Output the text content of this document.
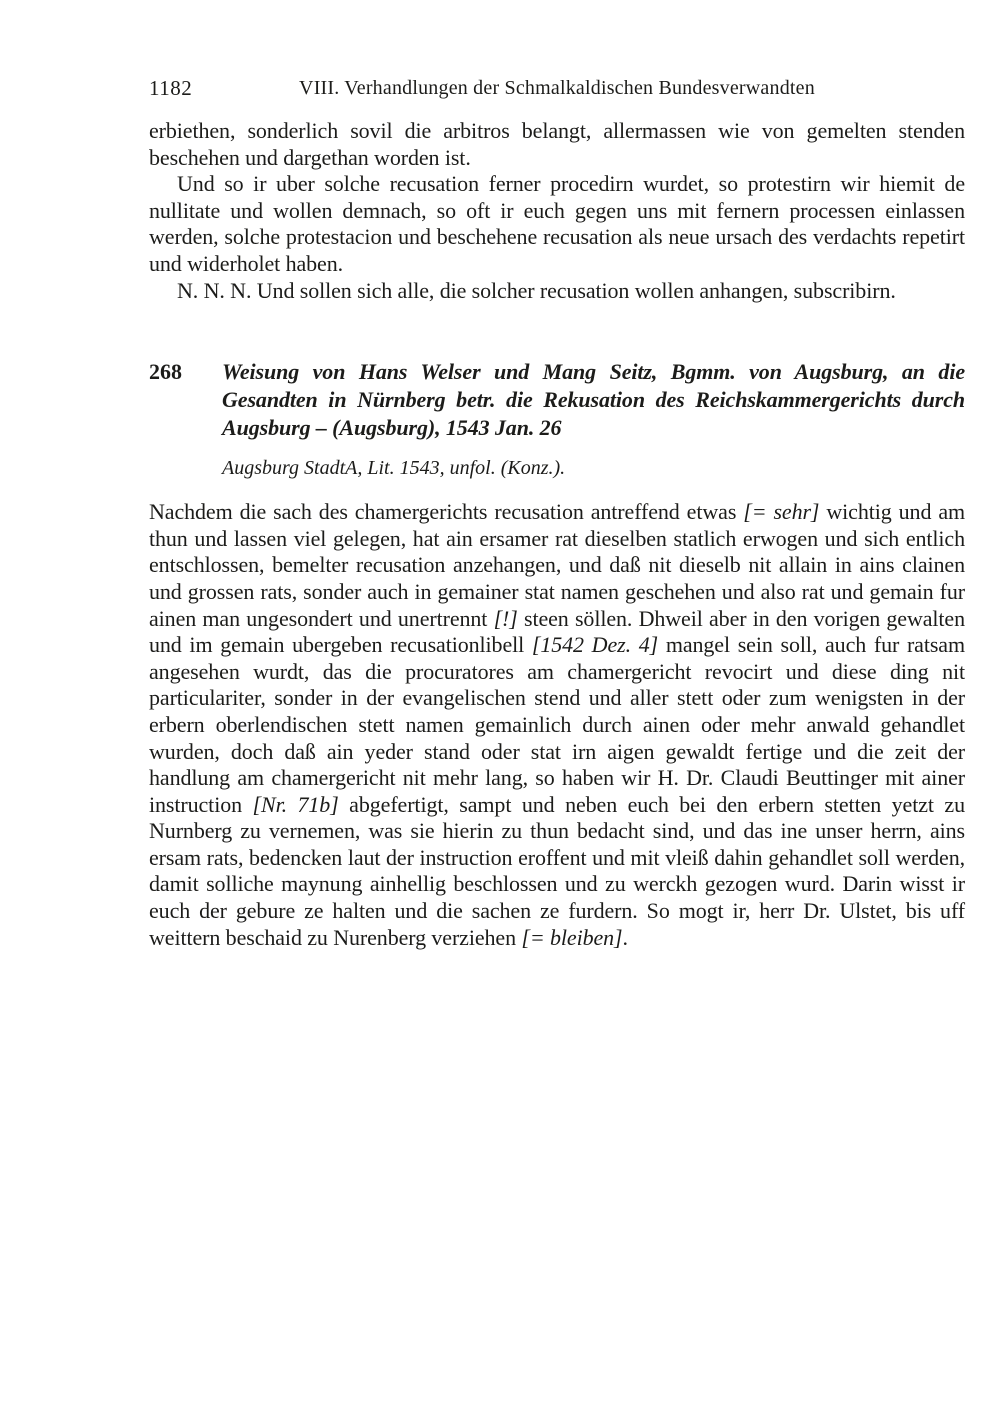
1182	VIII. Verhandlungen der Schmalkaldischen Bundesverwandten

erbiethen, sonderlich sovil die arbitros belangt, allermassen wie von gemelten stenden beschehen und dargethan worden ist.

Und so ir uber solche recusation ferner procedirn wurdet, so protestirn wir hiemit de nullitate und wollen demnach, so oft ir euch gegen uns mit fernern processen einlassen werden, solche protestacion und beschehene recusation als neue ursach des verdachts repetirt und widerholet haben.

N. N. N. Und sollen sich alle, die solcher recusation wollen anhangen, subscribirn.

268 Weisung von Hans Welser und Mang Seitz, Bgmm. von Augsburg, an die Gesandten in Nürnberg betr. die Rekusation des Reichskammergerichts durch Augsburg – (Augsburg), 1543 Jan. 26

Augsburg StadtA, Lit. 1543, unfol. (Konz.).

Nachdem die sach des chamergerichts recusation antreffend etwas [= sehr] wichtig und am thun und lassen viel gelegen, hat ain ersamer rat dieselben statlich erwogen und sich entlich entschlossen, bemelter recusation anzehangen, und daß nit dieselb nit allain in ains clainen und grossen rats, sonder auch in gemainer stat namen geschehen und also rat und gemain fur ainen man ungesondert und unertrennt [!] steen söllen. Dhweil aber in den vorigen gewalten und im gemain ubergeben recusationlibell [1542 Dez. 4] mangel sein soll, auch fur ratsam angesehen wurdt, das die procuratores am chamergericht revocirt und diese ding nit particulariter, sonder in der evangelischen stend und aller stett oder zum wenigsten in der erbern oberlendischen stett namen gemainlich durch ainen oder mehr anwald gehandlet wurden, doch daß ain yeder stand oder stat irn aigen gewaldt fertige und die zeit der handlung am chamergericht nit mehr lang, so haben wir H. Dr. Claudi Beuttinger mit ainer instruction [Nr. 71b] abgefertigt, sampt und neben euch bei den erbern stetten yetzt zu Nurnberg zu vernemen, was sie hierin zu thun bedacht sind, und das ine unser herrn, ains ersam rats, bedencken laut der instruction eroffent und mit vleiß dahin gehandlet soll werden, damit solliche maynung ainhellig beschlossen und zu werckh gezogen wurd. Darin wisst ir euch der gebure ze halten und die sachen ze furdern. So mogt ir, herr Dr. Ulstet, bis uff weittern beschaid zu Nurenberg verziehen [= bleiben].
